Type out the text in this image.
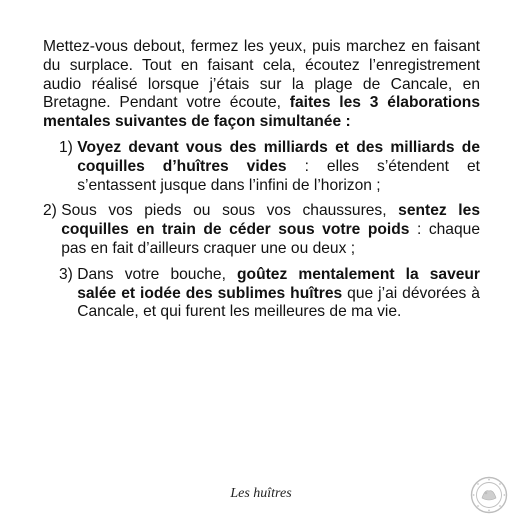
Mettez-vous debout, fermez les yeux, puis marchez en faisant du surplace. Tout en faisant cela, écoutez l’enregistrement audio réalisé lorsque j’étais sur la plage de Cancale, en Bretagne. Pendant votre écoute, faites les 3 élaborations mentales suivantes de façon simultanée :

1) Voyez devant vous des milliards et des milliards de coquilles d’huîtres vides : elles s’étendent et s’entassent jusque dans l’infini de l’horizon ;
2) Sous vos pieds ou sous vos chaussures, sentez les coquilles en train de céder sous votre poids : chaque pas en fait d’ailleurs craquer une ou deux ;
3) Dans votre bouche, goûtez mentalement la saveur salée et iodée des sublimes huîtres que j’ai dévorées à Cancale, et qui furent les meilleures de ma vie.
Les huîtres
